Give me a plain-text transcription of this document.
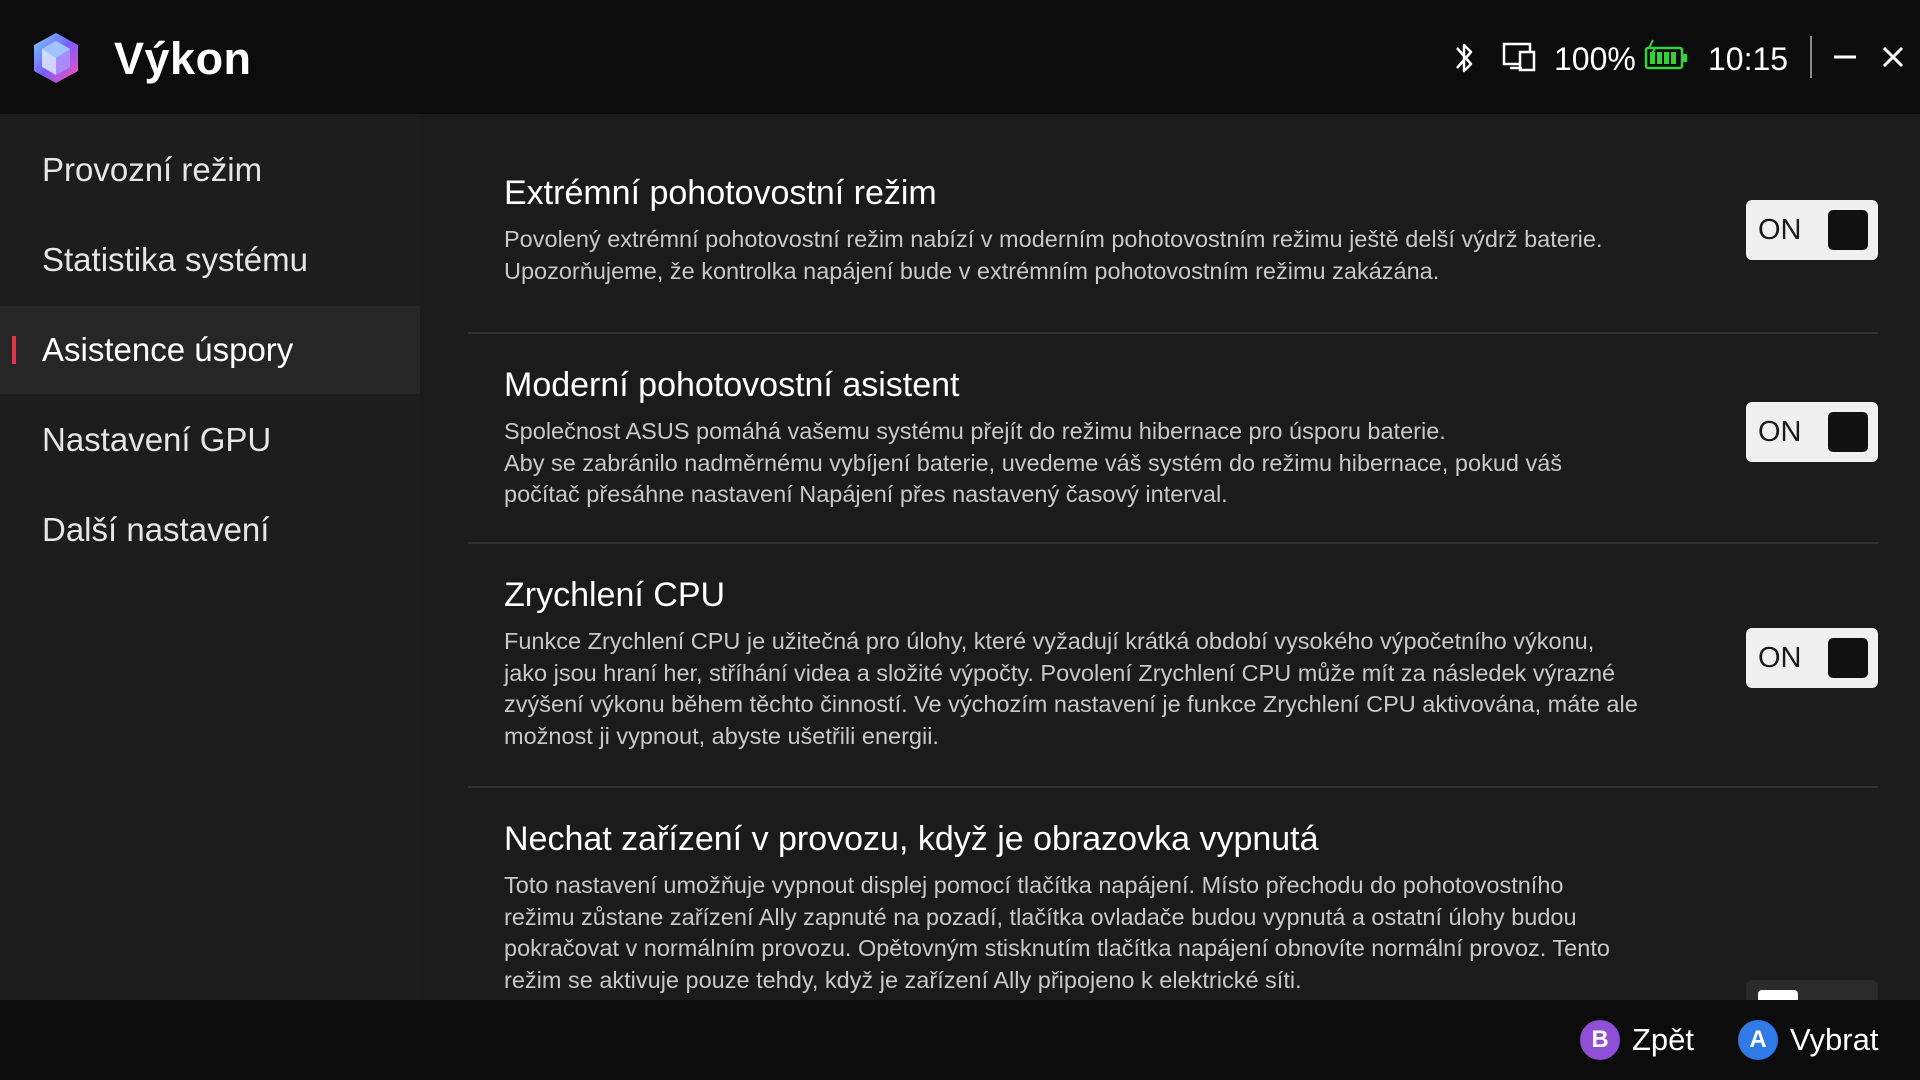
Výkon	100% 10:15
Provozní režim
Statistika systému
Asistence úspory
Nastavení GPU
Další nastavení
Extrémní pohotovostní režim
Povolený extrémní pohotovostní režim nabízí v moderním pohotovostním režimu ještě delší výdrž baterie.
Upozorňujeme, že kontrolka napájení bude v extrémním pohotovostním režimu zakázána.
ON
Moderní pohotovostní asistent
Společnost ASUS pomáhá vašemu systému přejít do režimu hibernace pro úsporu baterie.
Aby se zabránilo nadměrnému vybíjení baterie, uvedeme váš systém do režimu hibernace, pokud váš
počítač přesáhne nastavení Napájení přes nastavený časový interval.
ON
Zrychlení CPU
Funkce Zrychlení CPU je užitečná pro úlohy, které vyžadují krátká období vysokého výpočetního výkonu,
jako jsou hraní her, stříhání videa a složité výpočty. Povolení Zrychlení CPU může mít za následek výrazné
zvýšení výkonu během těchto činností. Ve výchozím nastavení je funkce Zrychlení CPU aktivována, máte ale
možnost ji vypnout, abyste ušetřili energii.
ON
Nechat zařízení v provozu, když je obrazovka vypnutá
Toto nastavení umožňuje vypnout displej pomocí tlačítka napájení. Místo přechodu do pohotovostního
režimu zůstane zařízení Ally zapnuté na pozadí, tlačítka ovladače budou vypnutá a ostatní úlohy budou
pokračovat v normálním provozu. Opětovným stisknutím tlačítka napájení obnovíte normální provoz. Tento
režim se aktivuje pouze tehdy, když je zařízení Ally připojeno k elektrické síti.
B Zpět	A Vybrat
